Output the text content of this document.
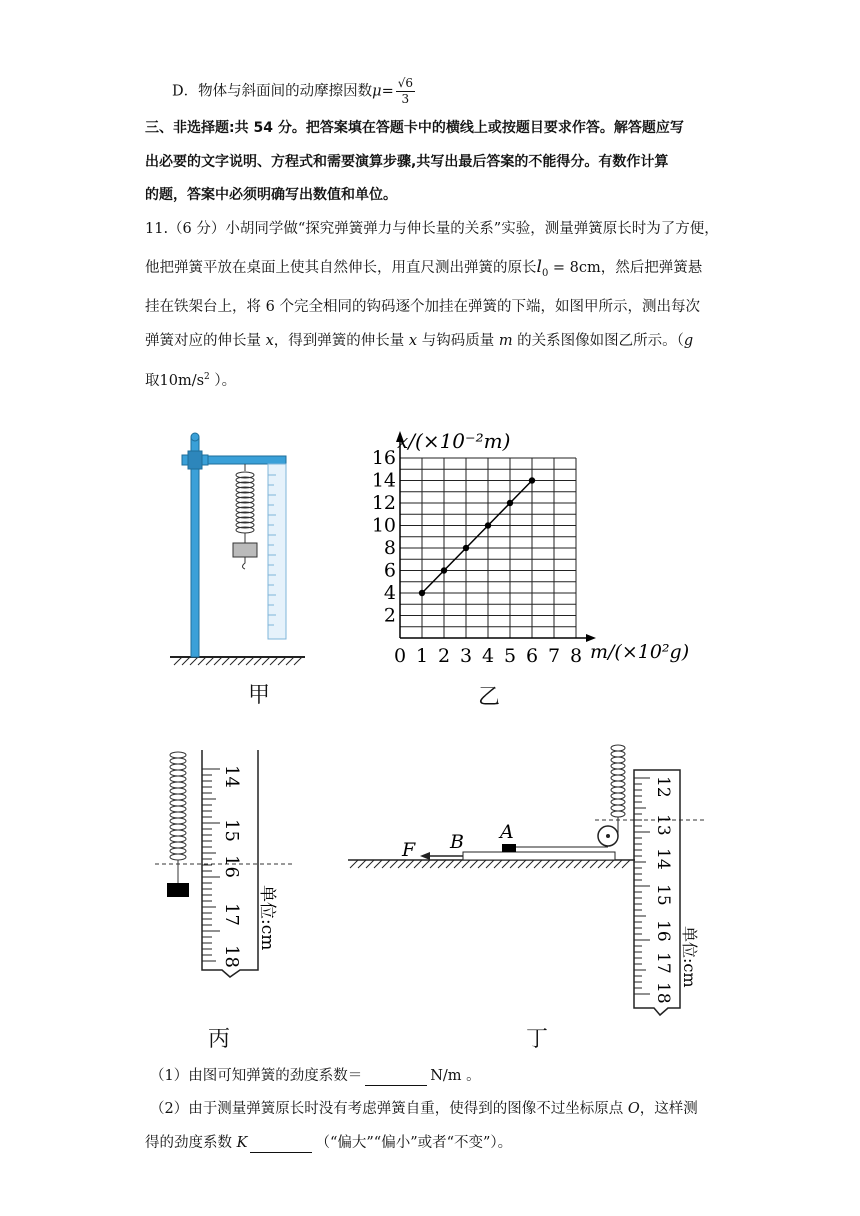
D．物体与斜面间的动摩擦因数$\mu= \frac{√6}{3}$
三、非选择题:共 54 分。把答案填在答题卡中的横线上或按题目要求作答。解答题应写
出必要的文字说明、方程式和需要演算步骤,共写出最后答案的不能得分。有数作计算
的题，答案中必须明确写出数值和单位。
11.（6 分）小胡同学做“探究弹簧弹力与伸长量的关系”实验，测量弹簧原长时为了方便，
他把弹簧平放在桌面上使其自然伸长，用直尺测出弹簧的原长$l_0 = 8cm$，然后把弹簧悬
挂在铁架台上，将 6 个完全相同的钩码逐个加挂在弹簧的下端，如图甲所示，测出每次
弹簧对应的伸长量 x，得到弹簧的伸长量 x 与钩码质量 m 的关系图像如图乙所示。（g
取$10m/s^2$ ）。
甲
0 1 2 3 4 5 6 7 8
2
4
6
8
10
12
14
16
x/(×10⁻²m)
m/(×10²g)
乙
14
15
16
17
18
单位:cm
丙
F B A
12
13
14
15
16
17
18
单位:cm
丁
（1）由图可知弹簧的劲度系数＝	N/m 。
（2）由于测量弹簧原长时没有考虑弹簧自重，使得到的图像不过坐标原点 O，这样测
得的劲度系数 K	（“偏大”“偏小”或者“不变”）。
